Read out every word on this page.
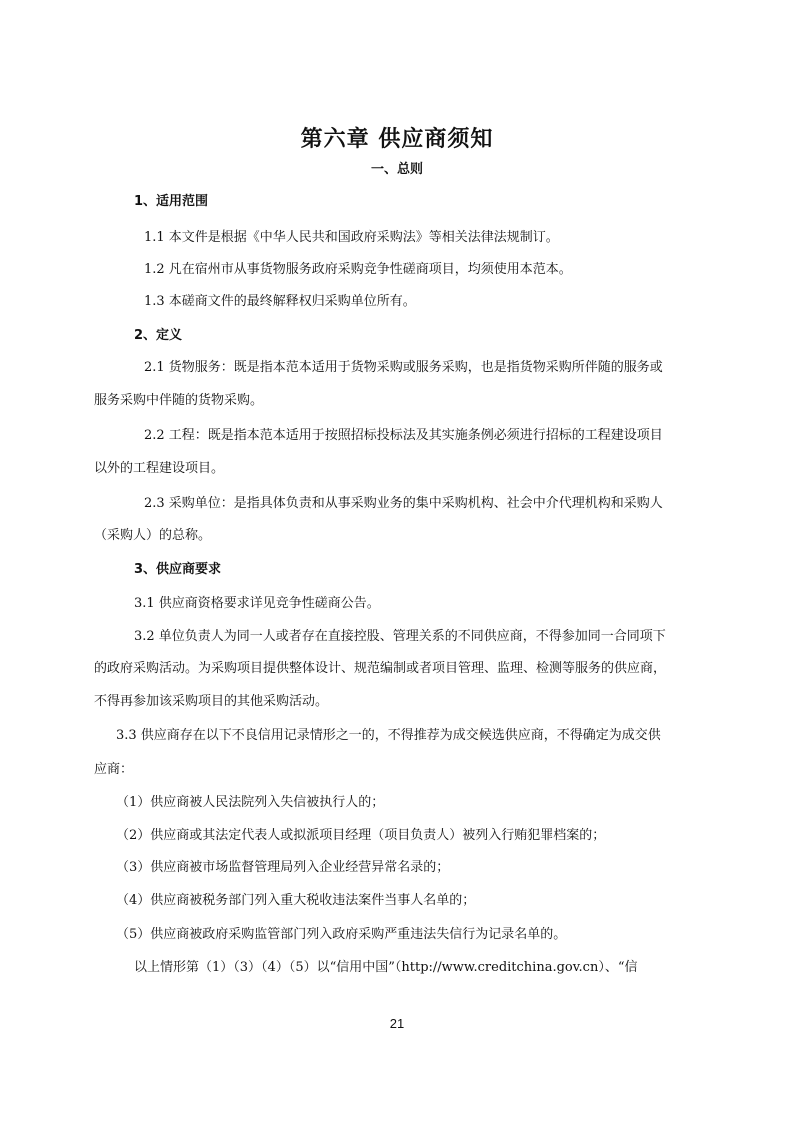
第六章 供应商须知
一、总则
1、适用范围
1.1 本文件是根据《中华人民共和国政府采购法》等相关法律法规制订。
1.2 凡在宿州市从事货物服务政府采购竞争性磋商项目，均须使用本范本。
1.3 本磋商文件的最终解释权归采购单位所有。
2、定义
2.1 货物服务：既是指本范本适用于货物采购或服务采购，也是指货物采购所伴随的服务或
服务采购中伴随的货物采购。
2.2 工程：既是指本范本适用于按照招标投标法及其实施条例必须进行招标的工程建设项目
以外的工程建设项目。
2.3 采购单位：是指具体负责和从事采购业务的集中采购机构、社会中介代理机构和采购人
（采购人）的总称。
3、供应商要求
3.1 供应商资格要求详见竞争性磋商公告。
3.2 单位负责人为同一人或者存在直接控股、管理关系的不同供应商，不得参加同一合同项下
的政府采购活动。为采购项目提供整体设计、规范编制或者项目管理、监理、检测等服务的供应商，
不得再参加该采购项目的其他采购活动。
3.3 供应商存在以下不良信用记录情形之一的，不得推荐为成交候选供应商，不得确定为成交供
应商：
（1）供应商被人民法院列入失信被执行人的；
（2）供应商或其法定代表人或拟派项目经理（项目负责人）被列入行贿犯罪档案的；
（3）供应商被市场监督管理局列入企业经营异常名录的；
（4）供应商被税务部门列入重大税收违法案件当事人名单的；
（5）供应商被政府采购监管部门列入政府采购严重违法失信行为记录名单的。
以上情形第（1）（3）（4）（5）以“信用中国”（http://www.creditchina.gov.cn）、“信
21
